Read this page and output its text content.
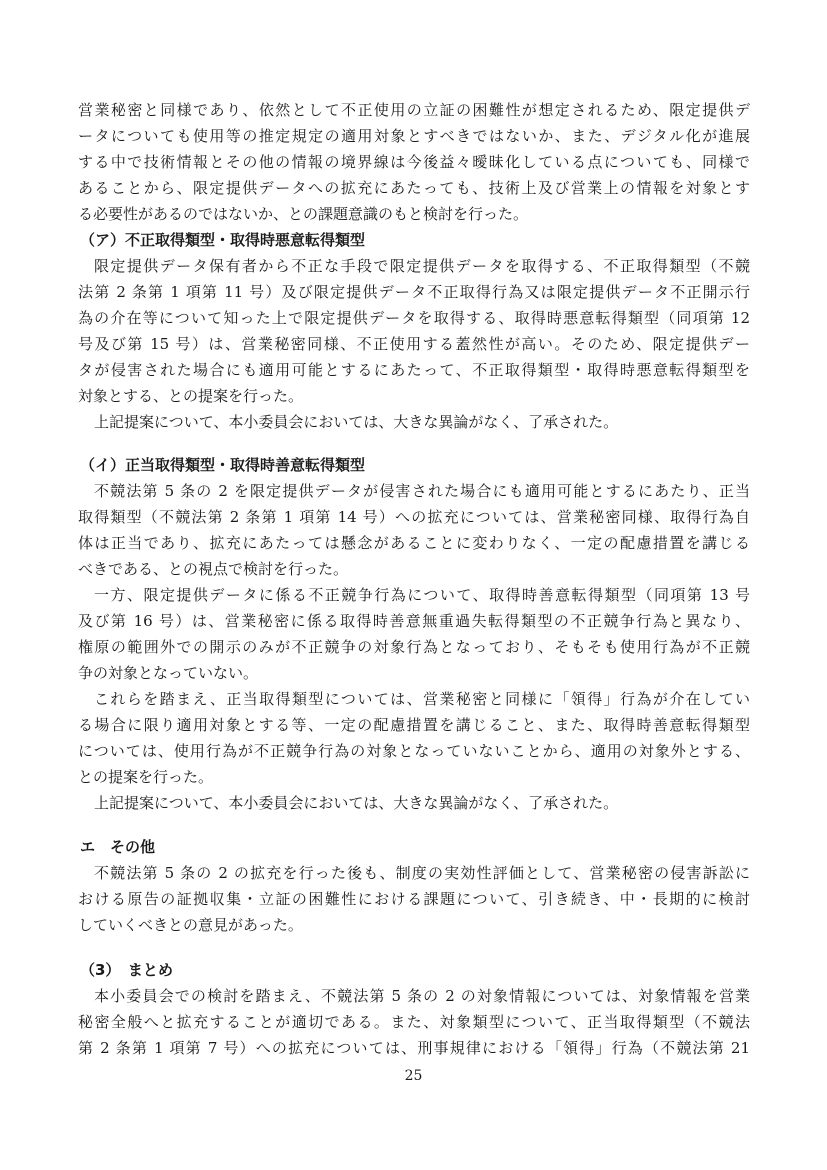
営業秘密と同様であり、依然として不正使用の立証の困難性が想定されるため、限定提供デ
ータについても使用等の推定規定の適用対象とすべきではないか、また、デジタル化が進展
する中で技術情報とその他の情報の境界線は今後益々曖昧化している点についても、同様で
あることから、限定提供データへの拡充にあたっても、技術上及び営業上の情報を対象とす
る必要性があるのではないか、との課題意識のもと検討を行った。
（ア）不正取得類型・取得時悪意転得類型
限定提供データ保有者から不正な手段で限定提供データを取得する、不正取得類型（不競
法第 2 条第 1 項第 11 号）及び限定提供データ不正取得行為又は限定提供データ不正開示行
為の介在等について知った上で限定提供データを取得する、取得時悪意転得類型（同項第 12
号及び第 15 号）は、営業秘密同様、不正使用する蓋然性が高い。そのため、限定提供デー
タが侵害された場合にも適用可能とするにあたって、不正取得類型・取得時悪意転得類型を
対象とする、との提案を行った。
上記提案について、本小委員会においては、大きな異論がなく、了承された。
（イ）正当取得類型・取得時善意転得類型
不競法第 5 条の 2 を限定提供データが侵害された場合にも適用可能とするにあたり、正当
取得類型（不競法第 2 条第 1 項第 14 号）への拡充については、営業秘密同様、取得行為自
体は正当であり、拡充にあたっては懸念があることに変わりなく、一定の配慮措置を講じる
べきである、との視点で検討を行った。
一方、限定提供データに係る不正競争行為について、取得時善意転得類型（同項第 13 号
及び第 16 号）は、営業秘密に係る取得時善意無重過失転得類型の不正競争行為と異なり、
権原の範囲外での開示のみが不正競争の対象行為となっており、そもそも使用行為が不正競
争の対象となっていない。
これらを踏まえ、正当取得類型については、営業秘密と同様に「領得」行為が介在してい
る場合に限り適用対象とする等、一定の配慮措置を講じること、また、取得時善意転得類型
については、使用行為が不正競争行為の対象となっていないことから、適用の対象外とする、
との提案を行った。
上記提案について、本小委員会においては、大きな異論がなく、了承された。
エ　その他
不競法第 5 条の 2 の拡充を行った後も、制度の実効性評価として、営業秘密の侵害訴訟に
おける原告の証拠収集・立証の困難性における課題について、引き続き、中・長期的に検討
していくべきとの意見があった。
（3）　まとめ
本小委員会での検討を踏まえ、不競法第 5 条の 2 の対象情報については、対象情報を営業
秘密全般へと拡充することが適切である。また、対象類型について、正当取得類型（不競法
第 2 条第 1 項第 7 号）への拡充については、刑事規律における「領得」行為（不競法第 21
25
